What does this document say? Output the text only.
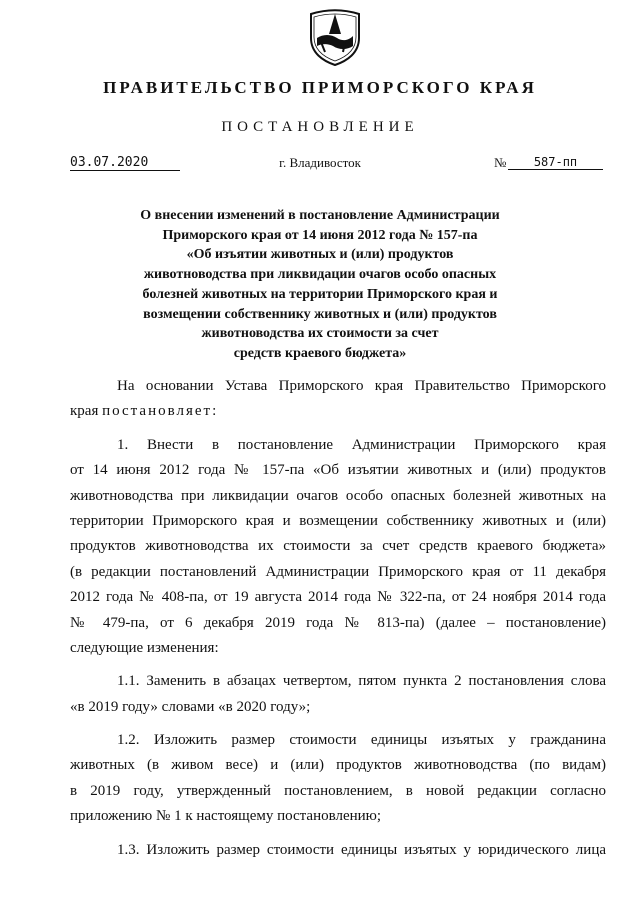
ПРАВИТЕЛЬСТВО ПРИМОРСКОГО КРАЯ
ПОСТАНОВЛЕНИЕ
03.07.2020	г. Владивосток	№	587-пп
О внесении изменений в постановление Администрации
Приморского края от 14 июня 2012 года № 157-па
«Об изъятии животных и (или) продуктов
животноводства при ликвидации очагов особо опасных
болезней животных на территории Приморского края и
возмещении собственнику животных и (или) продуктов
животноводства их стоимости за счет
средств краевого бюджета»
На основании Устава Приморского края Правительство Приморского
края постановляет:
1. Внести в постановление Администрации Приморского края
от 14 июня 2012 года № 157-па «Об изъятии животных и (или) продуктов
животноводства при ликвидации очагов особо опасных болезней животных на
территории Приморского края и возмещении собственнику животных и (или)
продуктов животноводства их стоимости за счет средств краевого бюджета»
(в редакции постановлений Администрации Приморского края от 11 декабря
2012 года № 408-па, от 19 августа 2014 года № 322-па, от 24 ноября 2014 года
№ 479-па, от 6 декабря 2019 года № 813-па) (далее – постановление)
следующие изменения:
1.1. Заменить в абзацах четвертом, пятом пункта 2 постановления слова
«в 2019 году» словами «в 2020 году»;
1.2. Изложить размер стоимости единицы изъятых у гражданина
животных (в живом весе) и (или) продуктов животноводства (по видам)
в 2019 году, утвержденный постановлением, в новой редакции согласно
приложению № 1 к настоящему постановлению;
1.3. Изложить размер стоимости единицы изъятых у юридического лица
